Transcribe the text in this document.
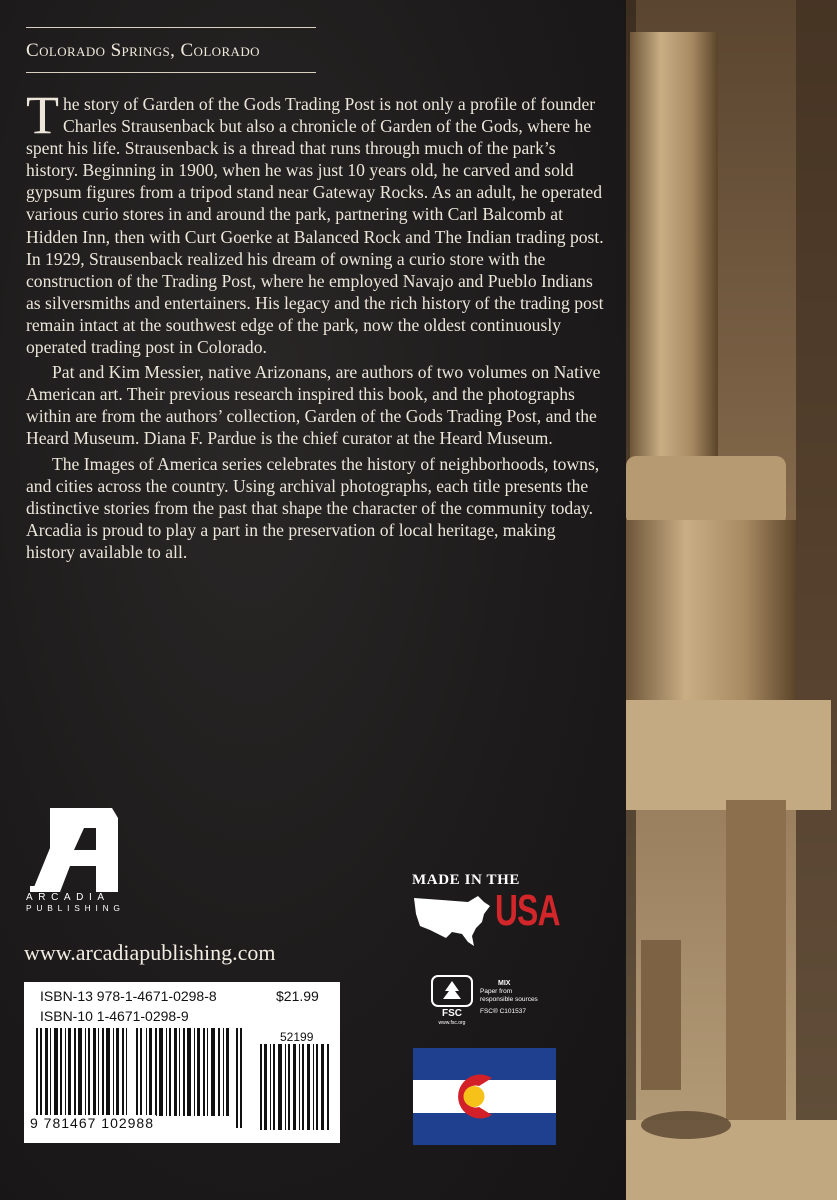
Colorado Springs, Colorado

The story of Garden of the Gods Trading Post is not only a profile of founder Charles Strausenback but also a chronicle of Garden of the Gods, where he spent his life. Strausenback is a thread that runs through much of the park’s history. Beginning in 1900, when he was just 10 years old, he carved and sold gypsum figures from a tripod stand near Gateway Rocks. As an adult, he operated various curio stores in and around the park, partnering with Carl Balcomb at Hidden Inn, then with Curt Goerke at Balanced Rock and The Indian trading post. In 1929, Strausenback realized his dream of owning a curio store with the construction of the Trading Post, where he employed Navajo and Pueblo Indians as silversmiths and entertainers. His legacy and the rich history of the trading post remain intact at the southwest edge of the park, now the oldest continuously operated trading post in Colorado.

Pat and Kim Messier, native Arizonans, are authors of two volumes on Native American art. Their previous research inspired this book, and the photographs within are from the authors’ collection, Garden of the Gods Trading Post, and the Heard Museum. Diana F. Pardue is the chief curator at the Heard Museum.

The Images of America series celebrates the history of neighborhoods, towns, and cities across the country. Using archival photographs, each title presents the distinctive stories from the past that shape the character of the community today. Arcadia is proud to play a part in the preservation of local heritage, making history available to all.

ARCADIA
PUBLISHING
www.arcadiapublishing.com
ISBN-13 978-1-4671-0298-8
ISBN-10 1-4671-0298-9
$21.99
52199
9 781467 102988
MADE IN THE
USA
FSC
www.fsc.org
MIX
Paper from
responsible sources
FSC® C101537
